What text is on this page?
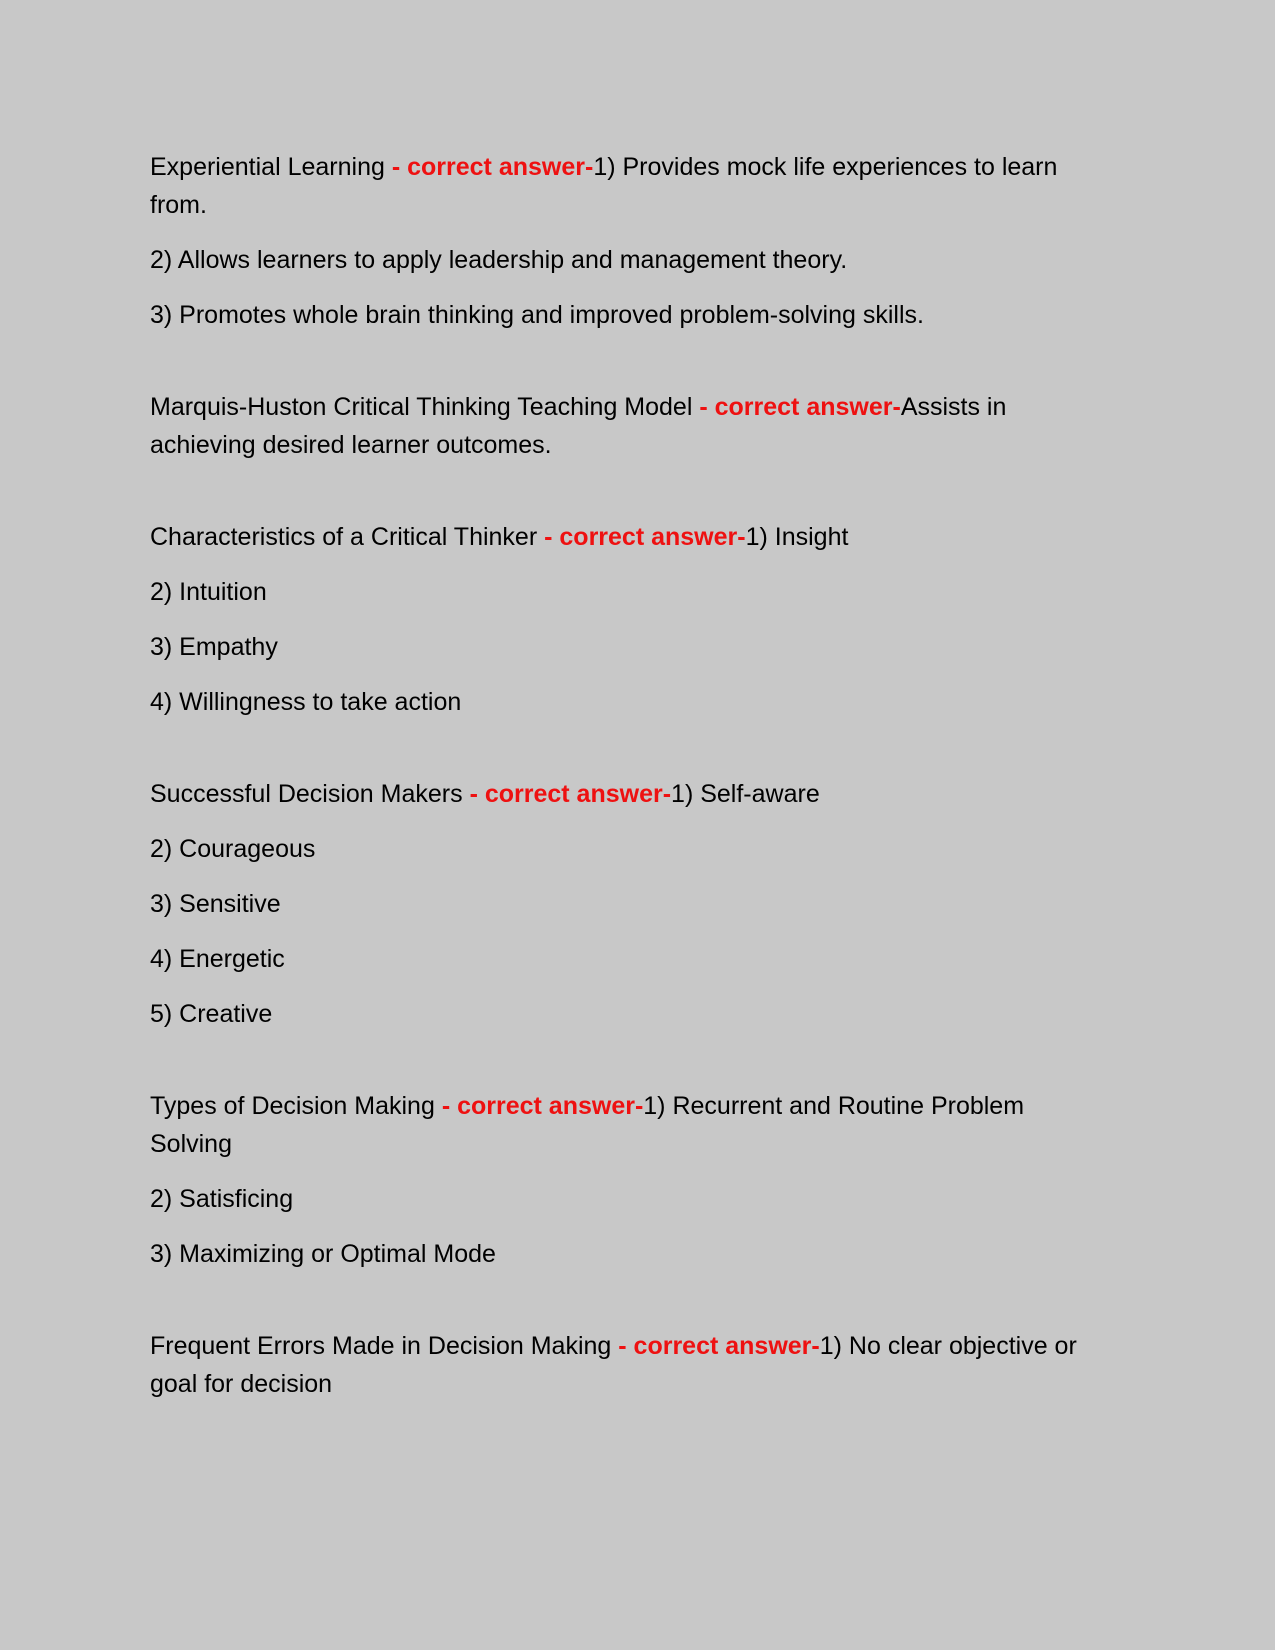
Experiential Learning - correct answer-1) Provides mock life experiences to learn from.
2) Allows learners to apply leadership and management theory.
3) Promotes whole brain thinking and improved problem-solving skills.
Marquis-Huston Critical Thinking Teaching Model - correct answer-Assists in achieving desired learner outcomes.
Characteristics of a Critical Thinker - correct answer-1) Insight
2) Intuition
3) Empathy
4) Willingness to take action
Successful Decision Makers - correct answer-1) Self-aware
2) Courageous
3) Sensitive
4) Energetic
5) Creative
Types of Decision Making - correct answer-1) Recurrent and Routine Problem Solving
2) Satisficing
3) Maximizing or Optimal Mode
Frequent Errors Made in Decision Making - correct answer-1) No clear objective or goal for decision
